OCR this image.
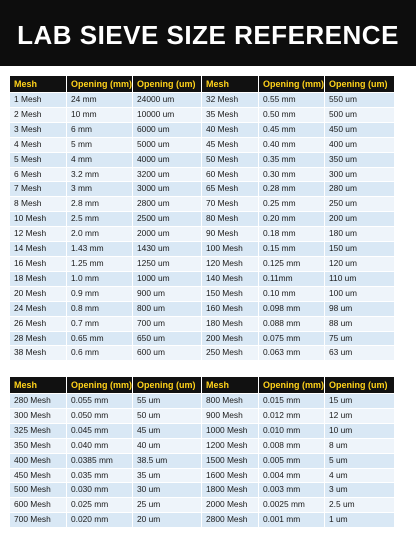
LAB SIEVE SIZE REFERENCE
Mesh	Opening (mm)	Opening (um)
1 Mesh	24 mm	24000 um
2 Mesh	10 mm	10000 um
3 Mesh	6 mm	6000 um
4 Mesh	5 mm	5000 um
5 Mesh	4 mm	4000 um
6 Mesh	3.2 mm	3200 um
7 Mesh	3 mm	3000 um
8 Mesh	2.8 mm	2800 um
10 Mesh	2.5 mm	2500 um
12 Mesh	2.0 mm	2000 um
14 Mesh	1.43 mm	1430 um
16 Mesh	1.25 mm	1250 um
18 Mesh	1.0 mm	1000 um
20 Mesh	0.9 mm	900 um
24 Mesh	0.8 mm	800 um
26 Mesh	0.7 mm	700 um
28 Mesh	0.65 mm	650 um
38 Mesh	0.6 mm	600 um
Mesh	Opening (mm)	Opening (um)
32 Mesh	0.55 mm	550 um
35 Mesh	0.50 mm	500 um
40 Mesh	0.45 mm	450 um
45 Mesh	0.40 mm	400 um
50 Mesh	0.35 mm	350 um
60 Mesh	0.30 mm	300 um
65 Mesh	0.28 mm	280 um
70 Mesh	0.25 mm	250 um
80 Mesh	0.20 mm	200 um
90 Mesh	0.18 mm	180 um
100 Mesh	0.15 mm	150 um
120 Mesh	0.125 mm	120 um
140 Mesh	0.11mm	110 um
150 Mesh	0.10 mm	100 um
160 Mesh	0.098 mm	98 um
180 Mesh	0.088 mm	88 um
200 Mesh	0.075 mm	75 um
250 Mesh	0.063 mm	63 um
Mesh	Opening (mm)	Opening (um)
280 Mesh	0.055 mm	55 um
300 Mesh	0.050 mm	50 um
325 Mesh	0.045 mm	45 um
350 Mesh	0.040 mm	40 um
400 Mesh	0.0385 mm	38.5 um
450 Mesh	0.035 mm	35 um
500 Mesh	0.030 mm	30 um
600 Mesh	0.025 mm	25 um
700 Mesh	0.020 mm	20 um
Mesh	Opening (mm)	Opening (um)
800 Mesh	0.015 mm	15 um
900 Mesh	0.012 mm	12 um
1000 Mesh	0.010 mm	10 um
1200 Mesh	0.008 mm	8 um
1500 Mesh	0.005 mm	5 um
1600 Mesh	0.004 mm	4 um
1800 Mesh	0.003 mm	3 um
2000 Mesh	0.0025 mm	2.5 um
2800 Mesh	0.001 mm	1 um
